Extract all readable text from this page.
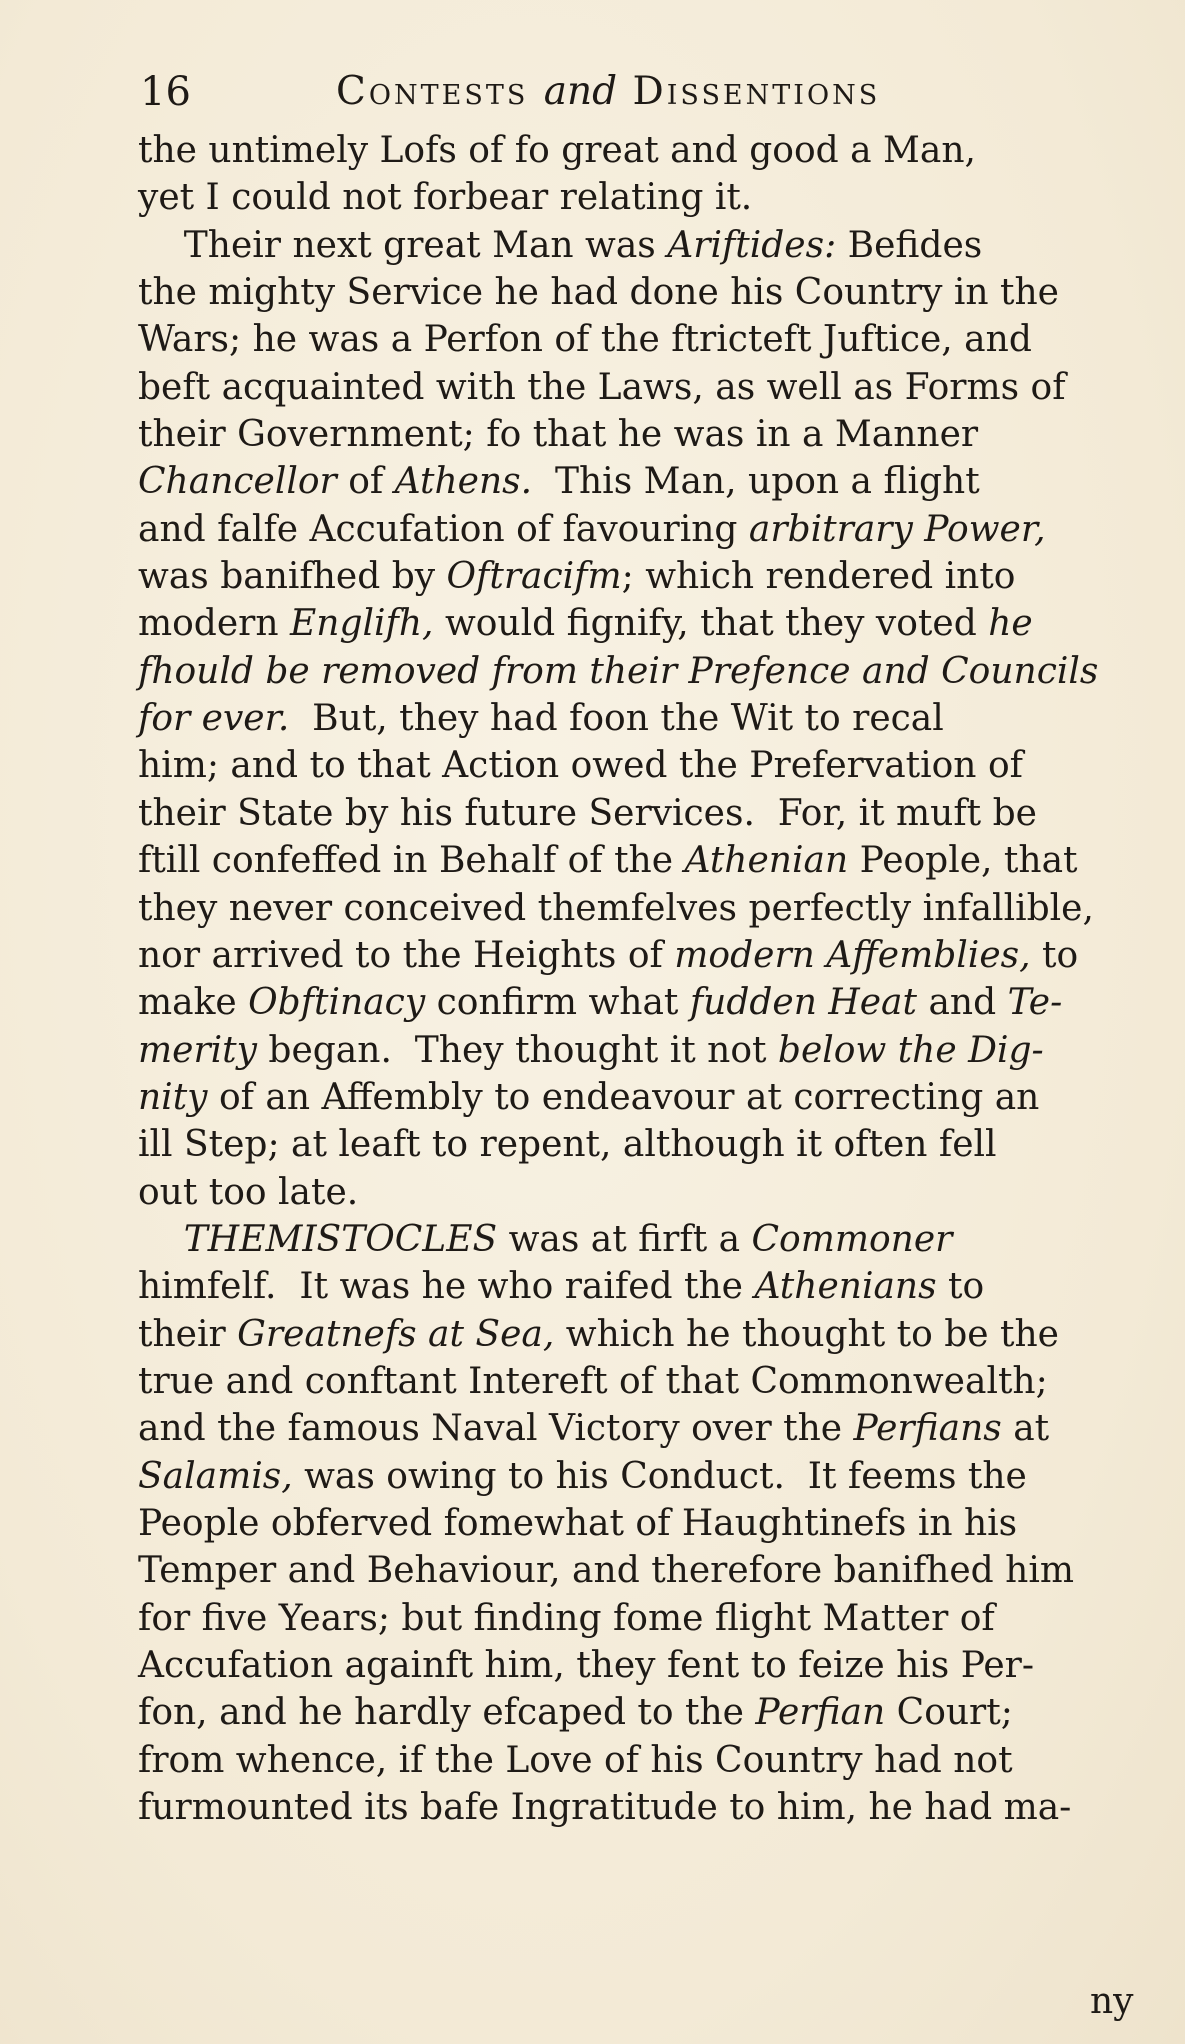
16	Contests and Dissentions
the untimely Lofs of fo great and good a Man,
yet I could not forbear relating it.
Their next great Man was Ariftides: Befides
the mighty Service he had done his Country in the
Wars; he was a Perfon of the ftricteft Juftice, and
beft acquainted with the Laws, as well as Forms of
their Government; fo that he was in a Manner
Chancellor of Athens.  This Man, upon a flight
and falfe Accufation of favouring arbitrary Power,
was banifhed by Oftracifm; which rendered into
modern Englifh, would fignify, that they voted he
fhould be removed from their Prefence and Councils
for ever.  But, they had foon the Wit to recal
him; and to that Action owed the Prefervation of
their State by his future Services.  For, it muft be
ftill confeffed in Behalf of the Athenian People, that
they never conceived themfelves perfectly infallible,
nor arrived to the Heights of modern Affemblies, to
make Obftinacy confirm what fudden Heat and Te-
merity began.  They thought it not below the Dig-
nity of an Affembly to endeavour at correcting an
ill Step; at leaft to repent, although it often fell
out too late.
THEMISTOCLES was at firft a Commoner
himfelf.  It was he who raifed the Athenians to
their Greatnefs at Sea, which he thought to be the
true and conftant Intereft of that Commonwealth;
and the famous Naval Victory over the Perfians at
Salamis, was owing to his Conduct.  It feems the
People obferved fomewhat of Haughtinefs in his
Temper and Behaviour, and therefore banifhed him
for five Years; but finding fome flight Matter of
Accufation againft him, they fent to feize his Per-
fon, and he hardly efcaped to the Perfian Court;
from whence, if the Love of his Country had not
furmounted its bafe Ingratitude to him, he had ma-
ny
